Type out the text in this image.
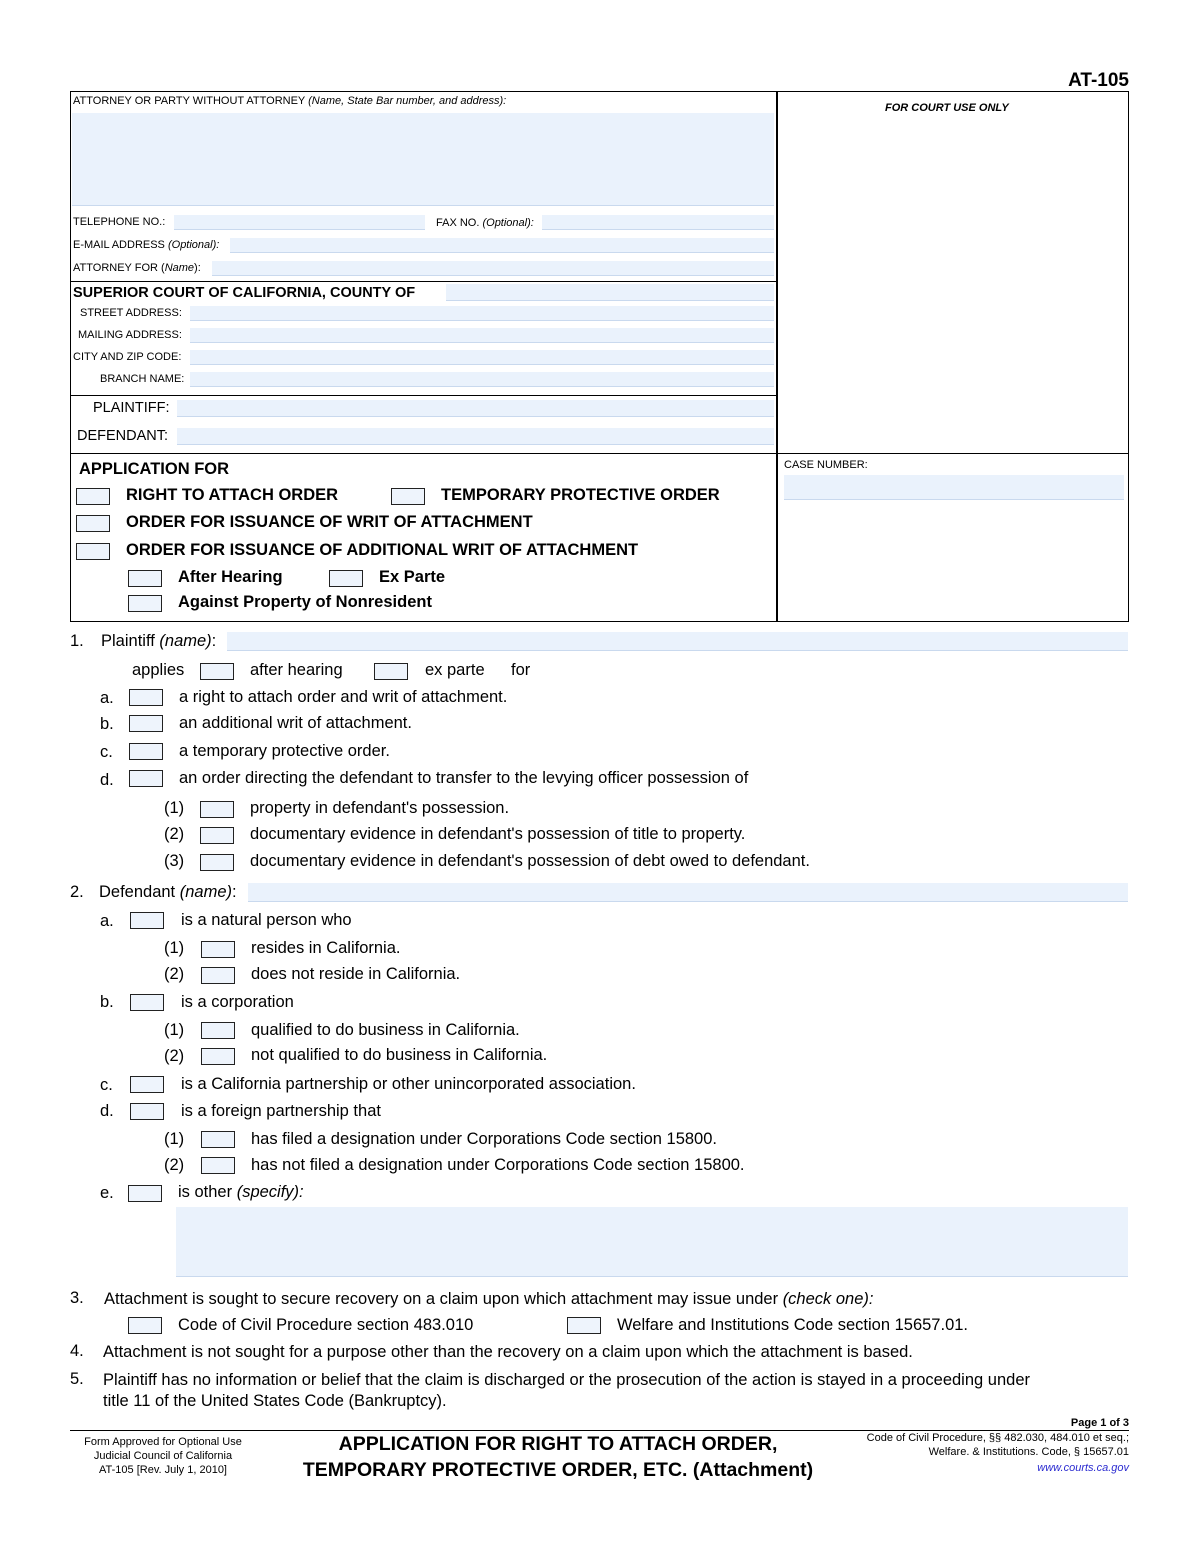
AT-105
ATTORNEY OR PARTY WITHOUT ATTORNEY (Name, State Bar number, and address):
FOR COURT USE ONLY
TELEPHONE NO.:	FAX NO. (Optional):
E-MAIL ADDRESS (Optional):
ATTORNEY FOR (Name):
SUPERIOR COURT OF CALIFORNIA, COUNTY OF
STREET ADDRESS:
MAILING ADDRESS:
CITY AND ZIP CODE:
BRANCH NAME:
PLAINTIFF:
DEFENDANT:
CASE NUMBER:
APPLICATION FOR
RIGHT TO ATTACH ORDER	TEMPORARY PROTECTIVE ORDER
ORDER FOR ISSUANCE OF WRIT OF ATTACHMENT
ORDER FOR ISSUANCE OF ADDITIONAL WRIT OF ATTACHMENT
After Hearing	Ex Parte
Against Property of Nonresident
1. Plaintiff (name):
applies	after hearing	ex parte for
a.	a right to attach order and writ of attachment.
b.	an additional writ of attachment.
c.	a temporary protective order.
d.	an order directing the defendant to transfer to the levying officer possession of
(1)	property in defendant's possession.
(2)	documentary evidence in defendant's possession of title to property.
(3)	documentary evidence in defendant's possession of debt owed to defendant.
2. Defendant (name):
a.	is a natural person who
(1)	resides in California.
(2)	does not reside in California.
b.	is a corporation
(1)	qualified to do business in California.
(2)	not qualified to do business in California.
c.	is a California partnership or other unincorporated association.
d.	is a foreign partnership that
(1)	has filed a designation under Corporations Code section 15800.
(2)	has not filed a designation under Corporations Code section 15800.
e.	is other (specify):
3. Attachment is sought to secure recovery on a claim upon which attachment may issue under (check one):
Code of Civil Procedure section 483.010	Welfare and Institutions Code section 15657.01.
4. Attachment is not sought for a purpose other than the recovery on a claim upon which the attachment is based.
5. Plaintiff has no information or belief that the claim is discharged or the prosecution of the action is stayed in a proceeding under
title 11 of the United States Code (Bankruptcy).
Page 1 of 3
Form Approved for Optional Use
Judicial Council of California
AT-105 [Rev. July 1, 2010]
APPLICATION FOR RIGHT TO ATTACH ORDER,
TEMPORARY PROTECTIVE ORDER, ETC. (Attachment)
Code of Civil Procedure, §§ 482.030, 484.010 et seq.;
Welfare. & Institutions. Code, § 15657.01
www.courts.ca.gov
